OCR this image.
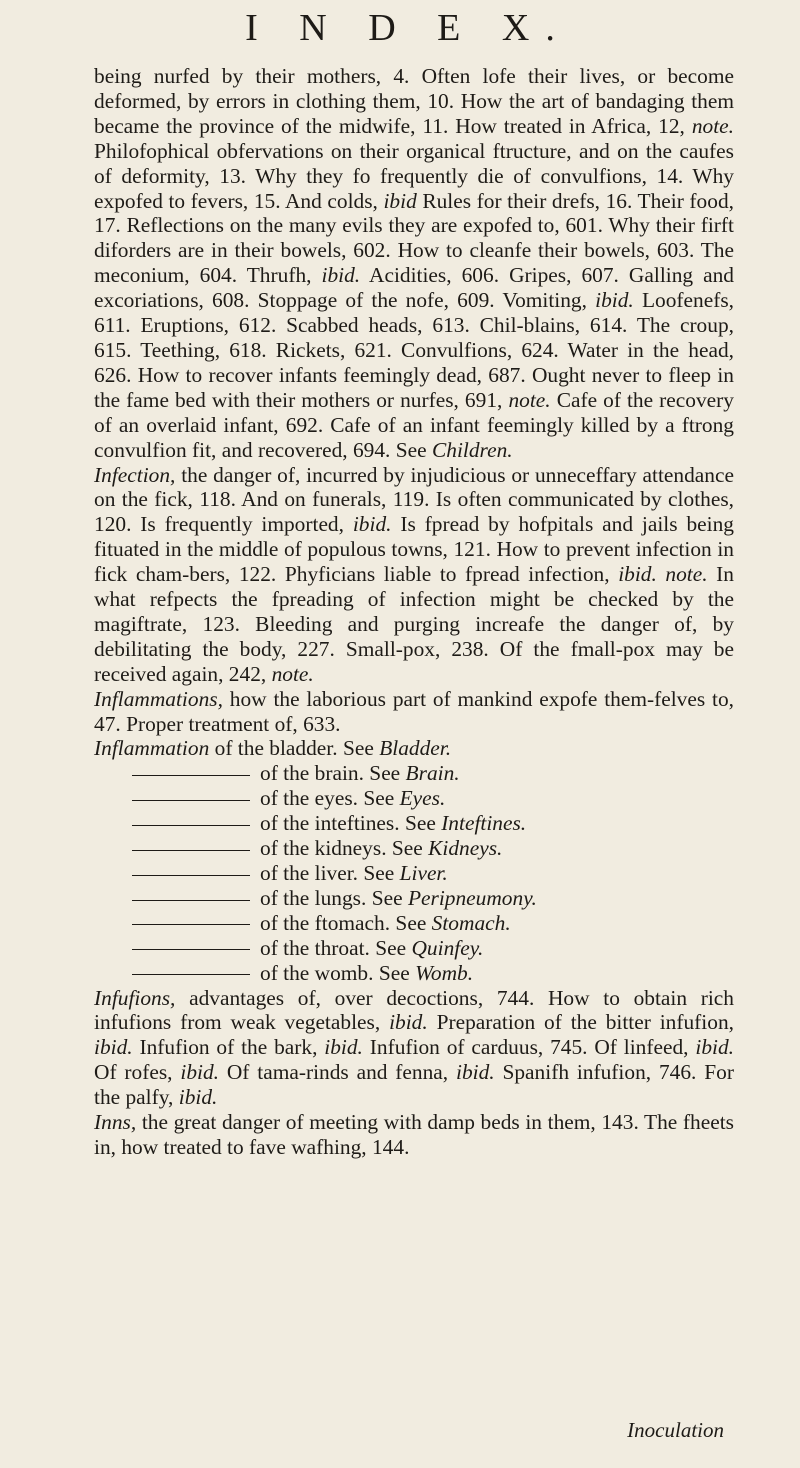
I N D E X.

being nurfed by their mothers, 4. Often lofe their lives, or become deformed, by errors in clothing them, 10. How the art of bandaging them became the province of the midwife, 11. How treated in Africa, 12, note. Philofophical obfervations on their organical ftructure, and on the caufes of deformity, 13. Why they fo frequently die of convulfions, 14. Why expofed to fevers, 15. And colds, ibid Rules for their drefs, 16. Their food, 17. Reflections on the many evils they are expofed to, 601. Why their firft diforders are in their bowels, 602. How to cleanfe their bowels, 603. The meconium, 604. Thrufh, ibid. Acidities, 606. Gripes, 607. Galling and excoriations, 608. Stoppage of the nofe, 609. Vomiting, ibid. Loofenefs, 611. Eruptions, 612. Scabbed heads, 613. Chil-blains, 614. The croup, 615. Teething, 618. Rickets, 621. Convulfions, 624. Water in the head, 626. How to recover infants feemingly dead, 687. Ought never to fleep in the fame bed with their mothers or nurfes, 691, note. Cafe of the recovery of an overlaid infant, 692. Cafe of an infant feemingly killed by a ftrong convulfion fit, and recovered, 694. See Children.

Infection, the danger of, incurred by injudicious or unneceffary attendance on the fick, 118. And on funerals, 119. Is often communicated by clothes, 120. Is frequently imported, ibid. Is fpread by hofpitals and jails being fituated in the middle of populous towns, 121. How to prevent infection in fick cham-bers, 122. Phyficians liable to fpread infection, ibid. note. In what refpects the fpreading of infection might be checked by the magiftrate, 123. Bleeding and purging increafe the danger of, by debilitating the body, 227. Small-pox, 238. Of the fmall-pox may be received again, 242, note.

Inflammations, how the laborious part of mankind expofe them-felves to, 47. Proper treatment of, 633.

Inflammation of the bladder. See Bladder.
of the brain. See Brain.
of the eyes. See Eyes.
of the inteftines. See Inteftines.
of the kidneys. See Kidneys.
of the liver. See Liver.
of the lungs. See Peripneumony.
of the ftomach. See Stomach.
of the throat. See Quinfey.
of the womb. See Womb.

Infufions, advantages of, over decoctions, 744. How to obtain rich infufions from weak vegetables, ibid. Preparation of the bitter infufion, ibid. Infufion of the bark, ibid. Infufion of carduus, 745. Of linfeed, ibid. Of rofes, ibid. Of tama-rinds and fenna, ibid. Spanifh infufion, 746. For the palfy, ibid.

Inns, the great danger of meeting with damp beds in them, 143. The fheets in, how treated to fave wafhing, 144.

Inoculation
